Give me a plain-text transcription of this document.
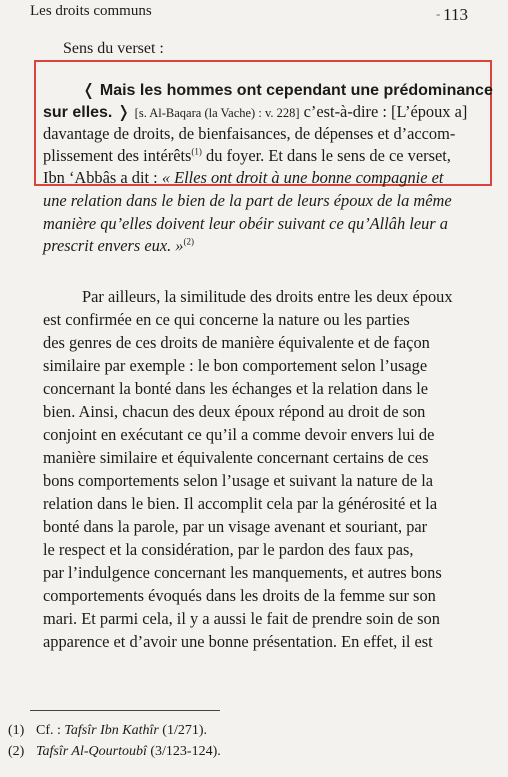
Les droits communs	- 113
Sens du verset :
❬ Mais les hommes ont cependant une prédominance
sur elles. ❭ [s. Al-Baqara (la Vache) : v. 228] c’est-à-dire : [L’époux a]
davantage de droits, de bienfaisances, de dépenses et d’accom-
plissement des intérêts$^{(1)}$ du foyer. Et dans le sens de ce verset,
Ibn ‘Abbâs a dit : « Elles ont droit à une bonne compagnie et
une relation dans le bien de la part de leurs époux de la même
manière qu’elles doivent leur obéir suivant ce qu’Allâh leur a
prescrit envers eux. »$^{(2)}$
Par ailleurs, la similitude des droits entre les deux époux
est confirmée en ce qui concerne la nature ou les parties
des genres de ces droits de manière équivalente et de façon
similaire par exemple : le bon comportement selon l’usage
concernant la bonté dans les échanges et la relation dans le
bien. Ainsi, chacun des deux époux répond au droit de son
conjoint en exécutant ce qu’il a comme devoir envers lui de
manière similaire et équivalente concernant certains de ces
bons comportements selon l’usage et suivant la nature de la
relation dans le bien. Il accomplit cela par la générosité et la
bonté dans la parole, par un visage avenant et souriant, par
le respect et la considération, par le pardon des faux pas,
par l’indulgence concernant les manquements, et autres bons
comportements évoqués dans les droits de la femme sur son
mari. Et parmi cela, il y a aussi le fait de prendre soin de son
apparence et d’avoir une bonne présentation. En effet, il est
(1) Cf. : Tafsîr Ibn Kathîr (1/271).
(2) Tafsîr Al-Qourtoubî (3/123-124).
